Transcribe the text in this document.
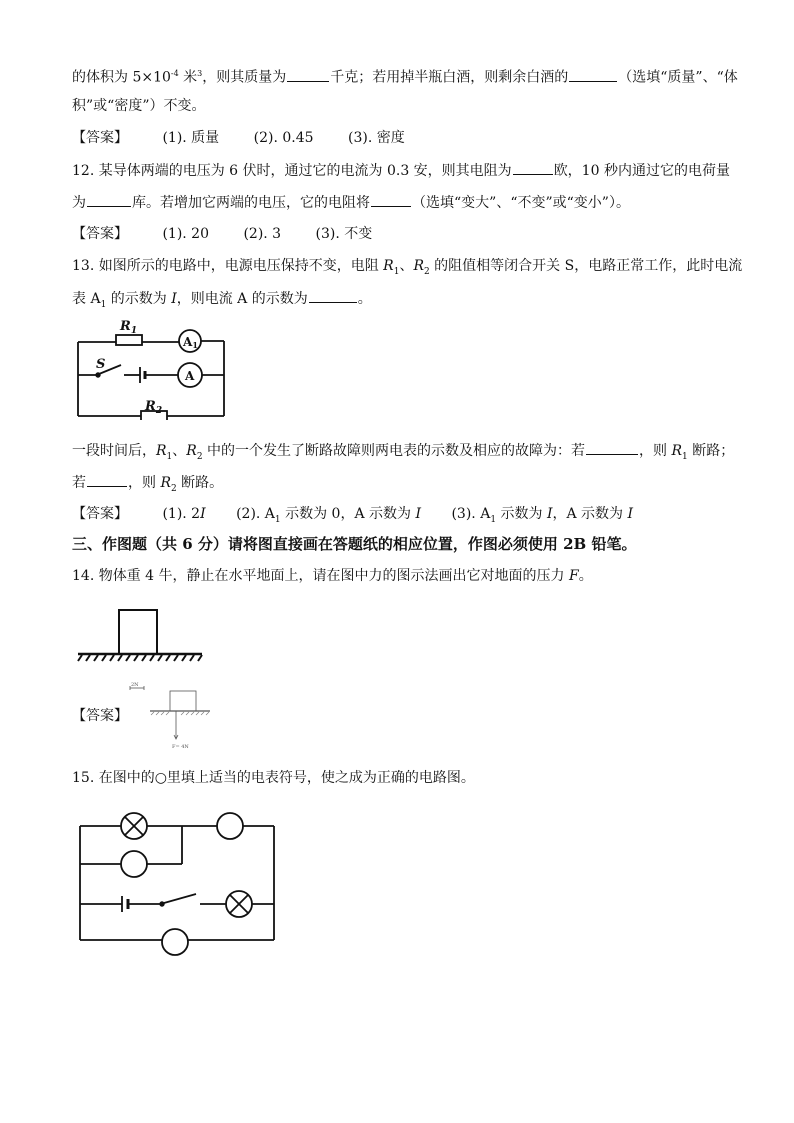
的体积为 $5\times 10^{-4}$ 米$^3$，则其质量为	千克；若用掉半瓶白酒，则剩余白酒的	（选填“质量”、“体
积”或“密度”）不变。
【答案】 (1). 质量 (2). 0.45 (3). 密度
12. 某导体两端的电压为 6 伏时，通过它的电流为 0.3 安，则其电阻为	欧，10 秒内通过它的电荷量
为	库。若增加它两端的电压，它的电阻将	（选填“变大”、“不变”或“变小”）。
【答案】 (1). 20 (2). 3 (3). 不变
13. 如图所示的电路中，电源电压保持不变，电阻 $R_1$、$R_2$ 的阻值相等闭合开关 S，电路正常工作，此时电流
表 $A_1$ 的示数为 I，则电流 A 的示数为	。
$R_1$
S
$R_2$
A1
A
一段时间后，$R_1$、$R_2$ 中的一个发生了断路故障则两电表的示数及相应的故障为：若	，则 $R_1$ 断路；
若	，则 $R_2$ 断路。
【答案】 (1). 2I (2). $A_1$ 示数为 0，A 示数为 I (3). $A_1$ 示数为 I，A 示数为 I
三、作图题（共 6 分）请将图直接画在答题纸的相应位置，作图必须使用 2B 铅笔。
14. 物体重 4 牛，静止在水平地面上，请在图中力的图示法画出它对地面的压力 F。
【答案】
2N
F= 4N
15. 在图中的○里填上适当的电表符号，使之成为正确的电路图。
